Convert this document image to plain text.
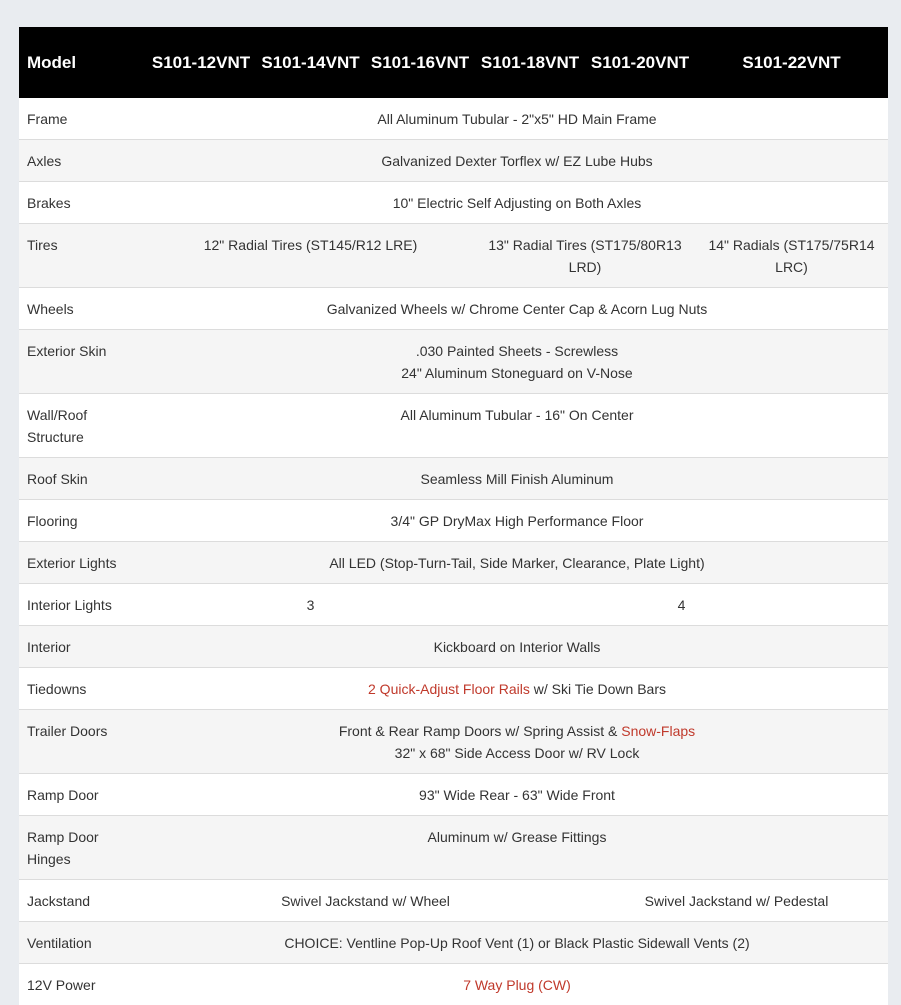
Model	S101-12VNT	S101-14VNT	S101-16VNT	S101-18VNT	S101-20VNT	S101-22VNT
Frame	All Aluminum Tubular - 2"x5" HD Main Frame					
Axles	Galvanized Dexter Torflex w/ EZ Lube Hubs					
Brakes	10" Electric Self Adjusting on Both Axles					
Tires	12" Radial Tires (ST145/R12 LRE)			13" Radial Tires (ST175/80R13 LRD)		14" Radials (ST175/75R14 LRC)
Wheels	Galvanized Wheels w/ Chrome Center Cap & Acorn Lug Nuts					
Exterior Skin	.030 Painted Sheets - Screwless
24" Aluminum Stoneguard on V-Nose					

Wall/Roof Structure	All Aluminum Tubular - 16" On Center					
Roof Skin	Seamless Mill Finish Aluminum					
Flooring	3/4" GP DryMax High Performance Floor					
Exterior Lights	All LED (Stop-Turn-Tail, Side Marker, Clearance, Plate Light)					
Interior Lights	3			4		
Interior	Kickboard on Interior Walls					
Tiedowns	2 Quick-Adjust Floor Rails w/ Ski Tie Down Bars					
Trailer Doors	Front & Rear Ramp Doors w/ Spring Assist & Snow-Flaps
32" x 68" Side Access Door w/ RV Lock					

Ramp Door	93" Wide Rear - 63" Wide Front					
Ramp Door Hinges	Aluminum w/ Grease Fittings					
Jackstand	Swivel Jackstand w/ Wheel				Swivel Jackstand w/ Pedestal	
Ventilation	CHOICE: Ventline Pop-Up Roof Vent (1) or Black Plastic Sidewall Vents (2)					
12V Power	7 Way Plug (CW)					
